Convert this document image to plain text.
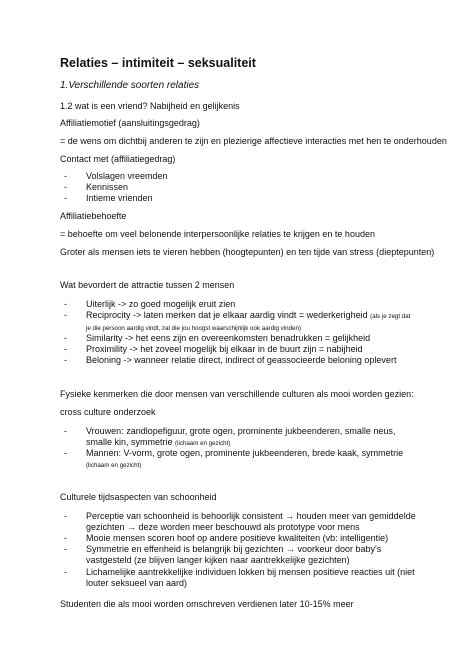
Relaties – intimiteit – seksualiteit

1.Verschillende soorten relaties

1.2 wat is een vriend? Nabijheid en gelijkenis

Affiliatiemotief (aansluitingsgedrag)

= de wens om dichtbij anderen te zijn en plezierige affectieve interacties met hen te onderhouden

Contact met (affiliatiegedrag)

-	Volslagen vreemden
-	Kennissen
-	Intieme vrienden

Affiliatiebehoefte

= behoefte om veel belonende interpersoonlijke relaties te krijgen en te houden

Groter als mensen iets te vieren hebben (hoogtepunten) en ten tijde van stress (dieptepunten)

Wat bevordert de attractie tussen 2 mensen

-	Uiterlijk -> zo goed mogelijk eruit zien
-	Reciprocity -> laten merken dat je elkaar aardig vindt = wederkerigheid (als je zegt dat je die persoon aardig vindt, zal die jou hoogst waarschijnlijk ook aardig vinden)
-	Similarity -> het eens zijn en overeenkomsten benadrukken = gelijkheid
-	Proximility -> het zoveel mogelijk bij elkaar in de buurt zijn = nabijheid
-	Beloning -> wanneer relatie direct, indirect of geassocieerde beloning oplevert

Fysieke kenmerken die door mensen van verschillende culturen als mooi worden gezien:

cross culture onderzoek

-	Vrouwen: zandlopefiguur, grote ogen, prominente jukbeenderen, smalle neus, smalle kin, symmetrie (lichaam en gezicht)
-	Mannen: V-vorm, grote ogen, prominente jukbeenderen, brede kaak, symmetrie (lichaam en gezicht)

Culturele tijdsaspecten van schoonheid

-	Perceptie van schoonheid is behoorlijk consistent → houden meer van gemiddelde gezichten → deze worden meer beschouwd als prototype voor mens
-	Mooie mensen scoren hoof op andere positieve kwaliteiten (vb: intelligentie)
-	Symmetrie en effenheid is belangrijk bij gezichten → voorkeur door baby's vastgesteld (ze blijven langer kijken naar aantrekkelijke gezichten)
-	Lichamelijke aantrekkelijke individuen lokken bij mensen positieve reacties uit (niet louter seksueel van aard)

Studenten die als mooi worden omschreven verdienen later 10-15% meer
